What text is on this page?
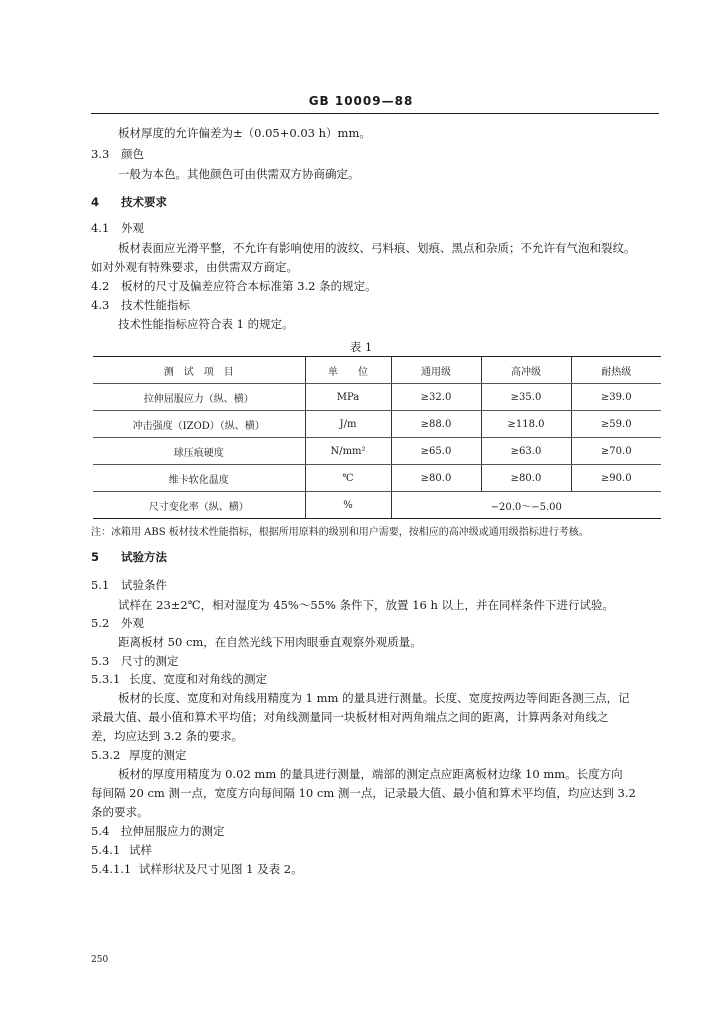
GB 10009—88
板材厚度的允许偏差为±（0.05+0.03 h）mm。
3.3 颜色
一般为本色。其他颜色可由供需双方协商确定。
4 技术要求
4.1 外观
板材表面应光滑平整，不允许有影响使用的波纹、弓料痕、划痕、黑点和杂质；不允许有气泡和裂纹。
如对外观有特殊要求，由供需双方商定。
4.2 板材的尺寸及偏差应符合本标准第 3.2 条的规定。
4.3 技术性能指标
技术性能指标应符合表 1 的规定。
表 1
测　试　项　目	单　　位	通用级	高冲级	耐热级
拉伸屈服应力（纵、横）	MPa	≥32.0	≥35.0	≥39.0
冲击强度（IZOD）（纵、横）	J/m	≥88.0	≥118.0	≥59.0
球压痕硬度	N/mm²	≥65.0	≥63.0	≥70.0
维卡软化温度	℃	≥80.0	≥80.0	≥90.0
尺寸变化率（纵、横）	%	−20.0～−5.00		
注：冰箱用 ABS 板材技术性能指标，根据所用原料的级别和用户需要，按相应的高冲级或通用级指标进行考核。
5 试验方法
5.1 试验条件
试样在 23±2℃，相对湿度为 45%～55% 条件下，放置 16 h 以上，并在同样条件下进行试验。
5.2 外观
距离板材 50 cm，在自然光线下用肉眼垂直观察外观质量。
5.3 尺寸的测定
5.3.1 长度、宽度和对角线的测定
板材的长度、宽度和对角线用精度为 1 mm 的量具进行测量。长度、宽度按两边等间距各测三点，记
录最大值、最小值和算术平均值；对角线测量同一块板材相对两角端点之间的距离，计算两条对角线之
差，均应达到 3.2 条的要求。
5.3.2 厚度的测定
板材的厚度用精度为 0.02 mm 的量具进行测量，端部的测定点应距离板材边缘 10 mm。长度方向
每间隔 20 cm 测一点，宽度方向每间隔 10 cm 测一点，记录最大值、最小值和算术平均值，均应达到 3.2
条的要求。
5.4 拉伸屈服应力的测定
5.4.1 试样
5.4.1.1 试样形状及尺寸见图 1 及表 2。
250
